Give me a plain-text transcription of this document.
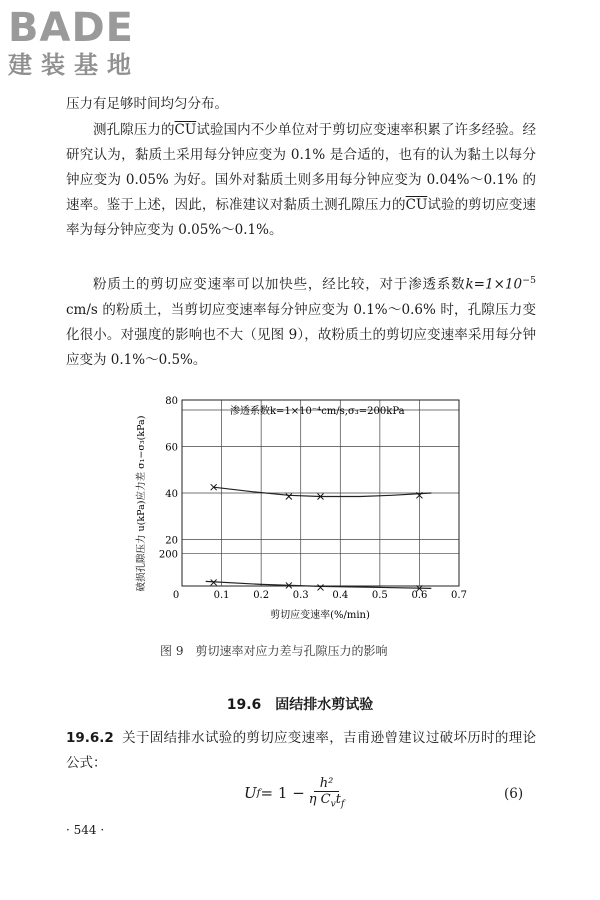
BADE
建装基地

压力有足够时间均匀分布。

测孔隙压力的$\overline{CU}$试验国内不少单位对于剪切应变速率积累了许多经验。经研究认为，黏质土采用每分钟应变为 0.1% 是合适的，也有的认为黏土以每分钟应变为 0.05% 为好。国外对黏质土则多用每分钟应变为 0.04%～0.1% 的速率。鉴于上述，因此，标准建议对黏质土测孔隙压力的$\overline{CU}$试验的剪切应变速率为每分钟应变为 0.05%～0.1%。

粉质土的剪切应变速率可以加快些，经比较，对于渗透系数$k=1\times 10^{-5}$ cm/s 的粉质土，当剪切应变速率每分钟应变为 0.1%～0.6% 时，孔隙压力变化很小。对强度的影响也不大（见图 9），故粉质土的剪切应变速率采用每分钟应变为 0.1%～0.5%。

0	0.1 0.2 0.3 0.4 0.5 0.6 0.7
80
60
40
20
200
渗透系数k=1×10⁻⁴cm/s,σ₃=200kPa
剪切应变速率(%/min)
应力差 σ₁−σ₃(kPa)
破损孔隙压力 u(kPa)
图 9　剪切速率对应力差与孔隙压力的影响
19.6　固结排水剪试验
19.6.2 关于固结排水试验的剪切应变速率，吉甫逊曾建议过破坏历时的理论公式：
U $f = 1 - \frac{\text{h²}}{\eta C_vt_f}$	(6)
· 544 ·
